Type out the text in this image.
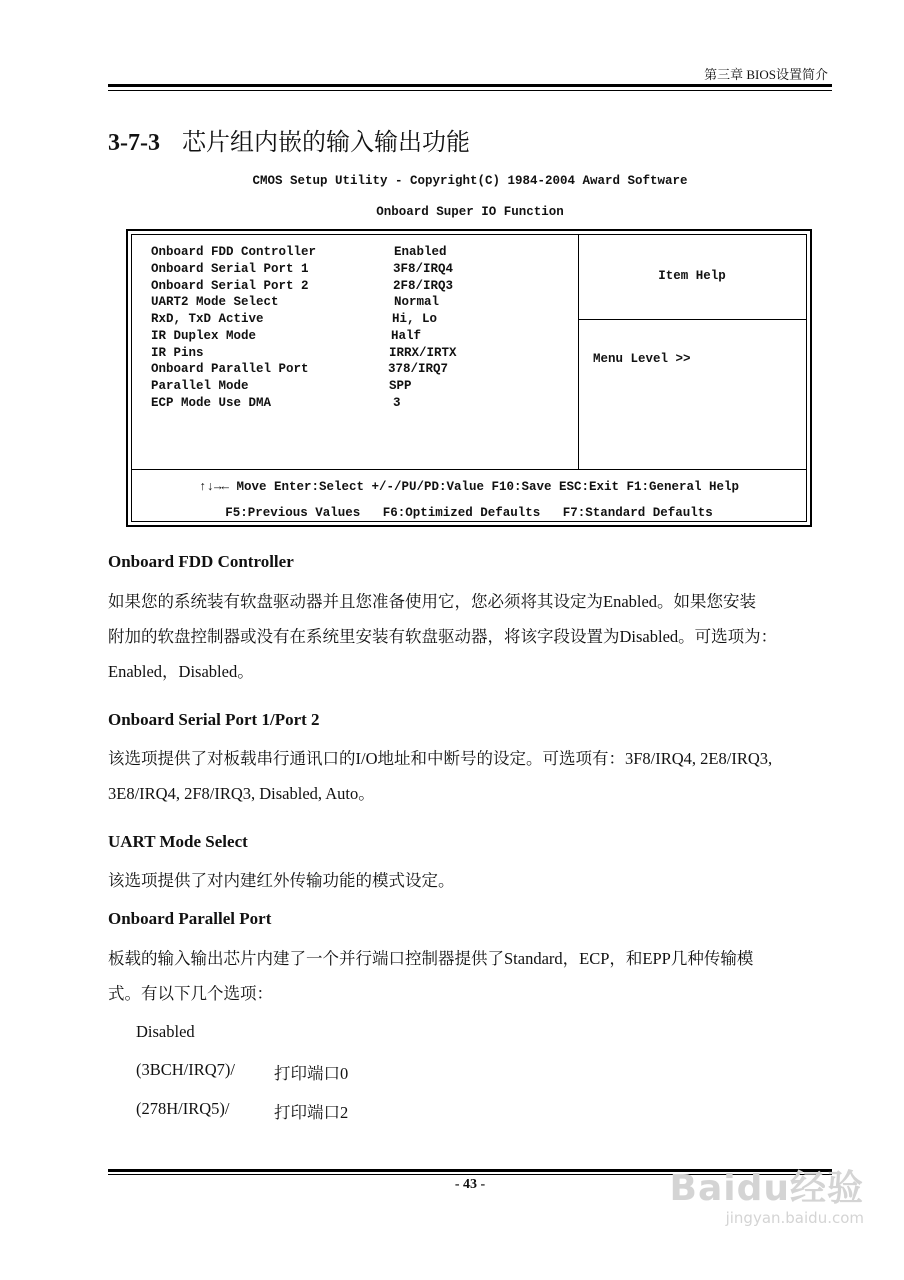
第三章 BIOS设置简介
3-7-3 芯片组内嵌的输入输出功能
CMOS Setup Utility - Copyright(C) 1984-2004 Award Software
Onboard Super IO Function

Onboard FDD Controller	Enabled

Onboard Serial Port 1	3F8/IRQ4

Onboard Serial Port 2	2F8/IRQ3

UART2 Mode Select	Normal

RxD, TxD Active	Hi, Lo

IR Duplex Mode	Half

IR Pins	IRRX/IRTX

Onboard Parallel Port	378/IRQ7

Parallel Mode	SPP

ECP Mode Use DMA	3

Item Help

Menu Level >>

↑↓→← Move Enter:Select +/-/PU/PD:Value F10:Save ESC:Exit F1:General Help

F5:Previous Values   F6:Optimized Defaults   F7:Standard Defaults

Onboard FDD Controller
如果您的系统装有软盘驱动器并且您准备使用它，您必须将其设定为Enabled。如果您安装
附加的软盘控制器或没有在系统里安装有软盘驱动器，将该字段设置为Disabled。可选项为：
Enabled，Disabled。
Onboard Serial Port 1/Port 2
该选项提供了对板载串行通讯口的I/O地址和中断号的设定。可选项有：3F8/IRQ4, 2E8/IRQ3,
3E8/IRQ4, 2F8/IRQ3, Disabled, Auto。
UART Mode Select
该选项提供了对内建红外传输功能的模式设定。
Onboard Parallel Port
板载的输入输出芯片内建了一个并行端口控制器提供了Standard，ECP，和EPP几种传输模
式。有以下几个选项：
Disabled
(3BCH/IRQ7)/ 打印端口0
(278H/IRQ5)/	打印端口2
- 43 -	Baidu经验
jingyan.baidu.com
